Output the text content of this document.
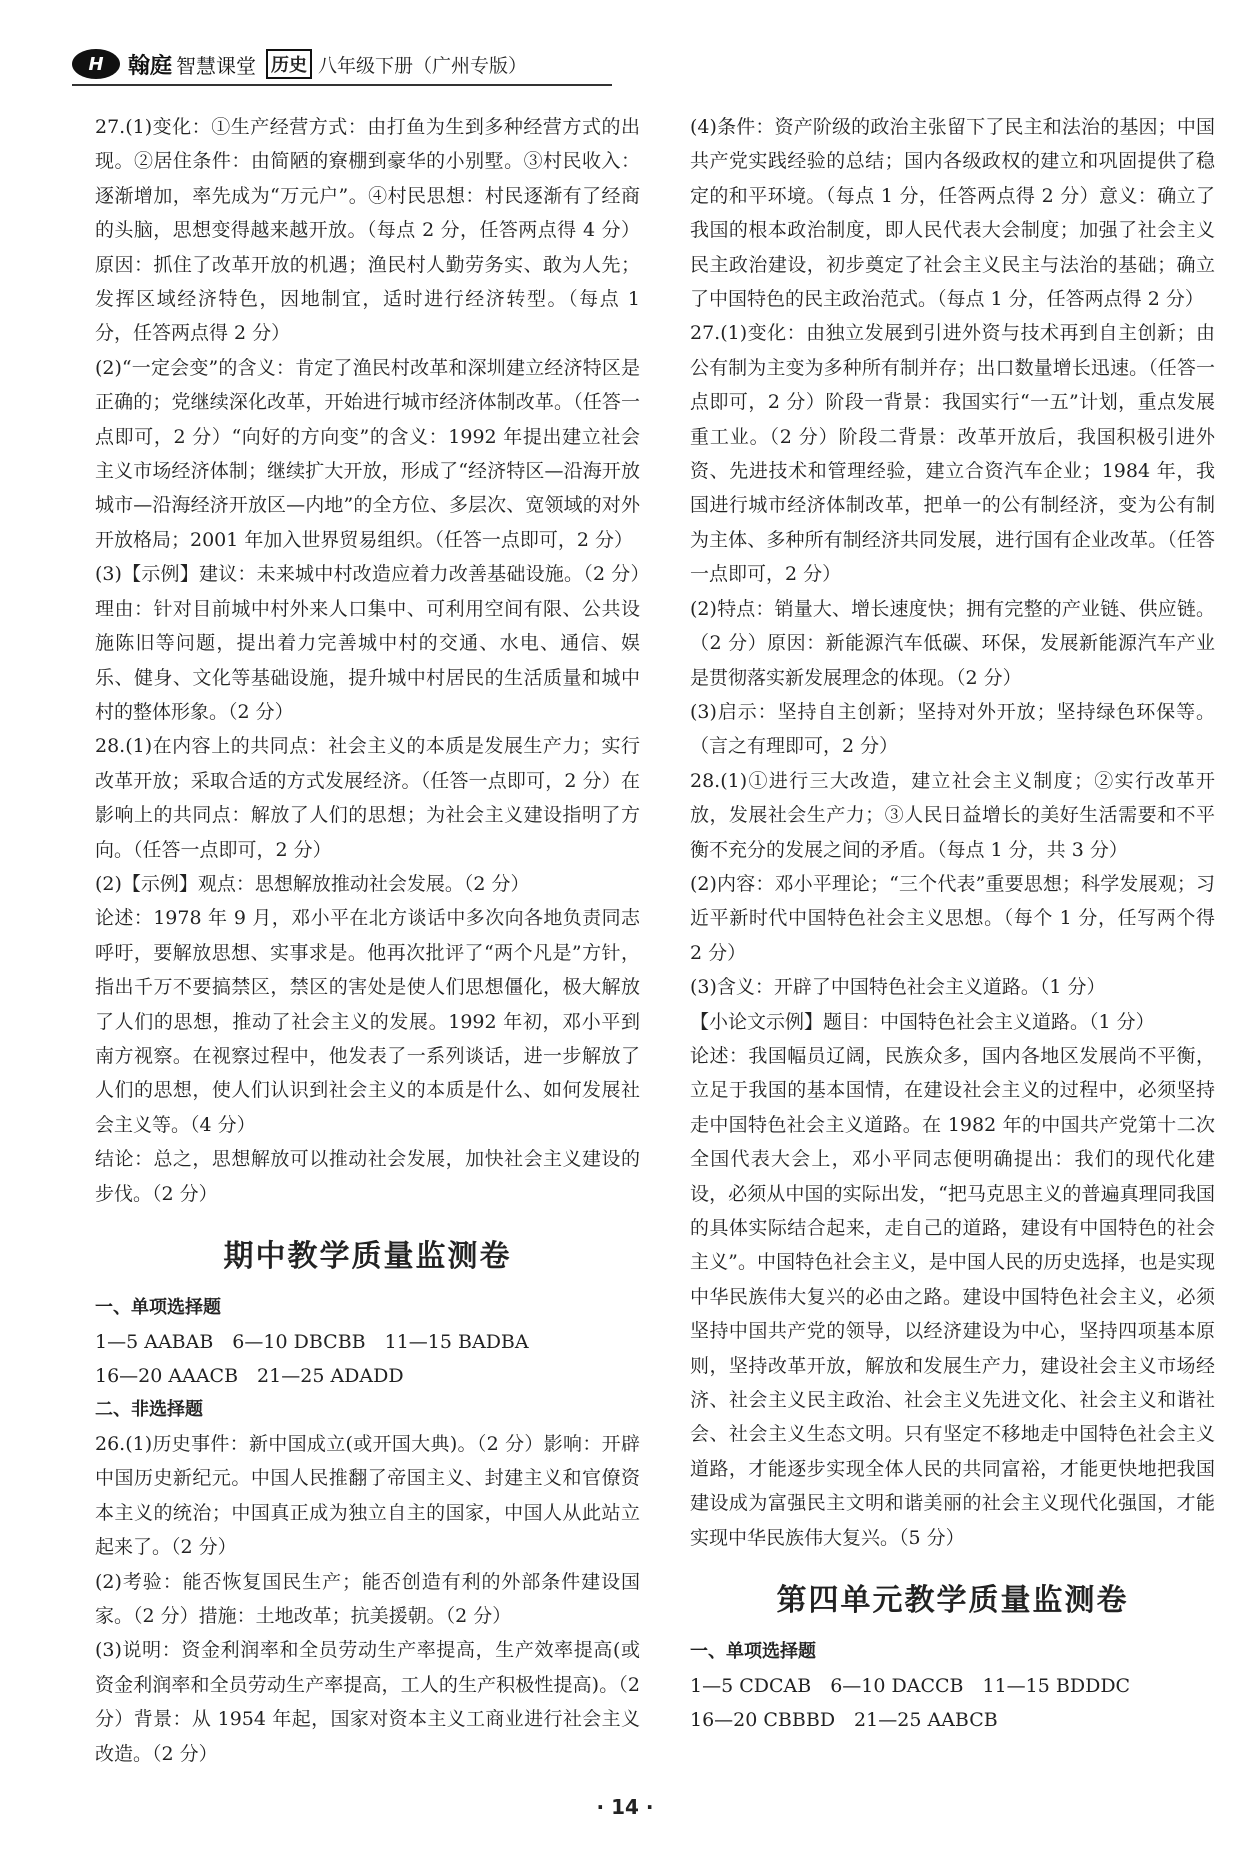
H	翰庭 智慧课堂 历史 八年级下册（广州专版）

27.(1)变化：①生产经营方式：由打鱼为生到多种经营方式的出现。②居住条件：由简陋的寮棚到豪华的小别墅。③村民收入：逐渐增加，率先成为“万元户”。④村民思想：村民逐渐有了经商的头脑，思想变得越来越开放。（每点 2 分，任答两点得 4 分）原因：抓住了改革开放的机遇；渔民村人勤劳务实、敢为人先；发挥区域经济特色，因地制宜，适时进行经济转型。（每点 1 分，任答两点得 2 分）

(2)“一定会变”的含义：肯定了渔民村改革和深圳建立经济特区是正确的；党继续深化改革，开始进行城市经济体制改革。（任答一点即可，2 分）“向好的方向变”的含义：1992 年提出建立社会主义市场经济体制；继续扩大开放，形成了“经济特区—沿海开放城市—沿海经济开放区—内地”的全方位、多层次、宽领域的对外开放格局；2001 年加入世界贸易组织。（任答一点即可，2 分）

(3)【示例】建议：未来城中村改造应着力改善基础设施。（2 分）理由：针对目前城中村外来人口集中、可利用空间有限、公共设施陈旧等问题，提出着力完善城中村的交通、水电、通信、娱乐、健身、文化等基础设施，提升城中村居民的生活质量和城中村的整体形象。（2 分）

28.(1)在内容上的共同点：社会主义的本质是发展生产力；实行改革开放；采取合适的方式发展经济。（任答一点即可，2 分）在影响上的共同点：解放了人们的思想；为社会主义建设指明了方向。（任答一点即可，2 分）

(2)【示例】观点：思想解放推动社会发展。（2 分）

论述：1978 年 9 月，邓小平在北方谈话中多次向各地负责同志呼吁，要解放思想、实事求是。他再次批评了“两个凡是”方针，指出千万不要搞禁区，禁区的害处是使人们思想僵化，极大解放了人们的思想，推动了社会主义的发展。1992 年初，邓小平到南方视察。在视察过程中，他发表了一系列谈话，进一步解放了人们的思想，使人们认识到社会主义的本质是什么、如何发展社会主义等。（4 分）

结论：总之，思想解放可以推动社会发展，加快社会主义建设的步伐。（2 分）

期中教学质量监测卷
一、单项选择题
1—5 AABAB　6—10 DBCBB　11—15 BADBA
16—20 AAACB　21—25 ADADD
二、非选择题

26.(1)历史事件：新中国成立(或开国大典)。（2 分）影响：开辟中国历史新纪元。中国人民推翻了帝国主义、封建主义和官僚资本主义的统治；中国真正成为独立自主的国家，中国人从此站立起来了。（2 分）

(2)考验：能否恢复国民生产；能否创造有利的外部条件建设国家。（2 分）措施：土地改革；抗美援朝。（2 分）

(3)说明：资金利润率和全员劳动生产率提高，生产效率提高(或资金利润率和全员劳动生产率提高，工人的生产积极性提高)。（2 分）背景：从 1954 年起，国家对资本主义工商业进行社会主义改造。（2 分）

(4)条件：资产阶级的政治主张留下了民主和法治的基因；中国共产党实践经验的总结；国内各级政权的建立和巩固提供了稳定的和平环境。（每点 1 分，任答两点得 2 分）意义：确立了我国的根本政治制度，即人民代表大会制度；加强了社会主义民主政治建设，初步奠定了社会主义民主与法治的基础；确立了中国特色的民主政治范式。（每点 1 分，任答两点得 2 分）

27.(1)变化：由独立发展到引进外资与技术再到自主创新；由公有制为主变为多种所有制并存；出口数量增长迅速。（任答一点即可，2 分）阶段一背景：我国实行“一五”计划，重点发展重工业。（2 分）阶段二背景：改革开放后，我国积极引进外资、先进技术和管理经验，建立合资汽车企业；1984 年，我国进行城市经济体制改革，把单一的公有制经济，变为公有制为主体、多种所有制经济共同发展，进行国有企业改革。（任答一点即可，2 分）

(2)特点：销量大、增长速度快；拥有完整的产业链、供应链。（2 分）原因：新能源汽车低碳、环保，发展新能源汽车产业是贯彻落实新发展理念的体现。（2 分）

(3)启示：坚持自主创新；坚持对外开放；坚持绿色环保等。（言之有理即可，2 分）

28.(1)①进行三大改造，建立社会主义制度；②实行改革开放，发展社会生产力；③人民日益增长的美好生活需要和不平衡不充分的发展之间的矛盾。（每点 1 分，共 3 分）

(2)内容：邓小平理论；“三个代表”重要思想；科学发展观；习近平新时代中国特色社会主义思想。（每个 1 分，任写两个得 2 分）

(3)含义：开辟了中国特色社会主义道路。（1 分）

【小论文示例】题目：中国特色社会主义道路。（1 分）

论述：我国幅员辽阔，民族众多，国内各地区发展尚不平衡，立足于我国的基本国情，在建设社会主义的过程中，必须坚持走中国特色社会主义道路。在 1982 年的中国共产党第十二次全国代表大会上，邓小平同志便明确提出：我们的现代化建设，必须从中国的实际出发，“把马克思主义的普遍真理同我国的具体实际结合起来，走自己的道路，建设有中国特色的社会主义”。中国特色社会主义，是中国人民的历史选择，也是实现中华民族伟大复兴的必由之路。建设中国特色社会主义，必须坚持中国共产党的领导，以经济建设为中心，坚持四项基本原则，坚持改革开放，解放和发展生产力，建设社会主义市场经济、社会主义民主政治、社会主义先进文化、社会主义和谐社会、社会主义生态文明。只有坚定不移地走中国特色社会主义道路，才能逐步实现全体人民的共同富裕，才能更快地把我国建设成为富强民主文明和谐美丽的社会主义现代化强国，才能实现中华民族伟大复兴。（5 分）

第四单元教学质量监测卷
一、单项选择题
1—5 CDCAB　6—10 DACCB　11—15 BDDDC
16—20 CBBBD　21—25 AABCB
· 14 ·
